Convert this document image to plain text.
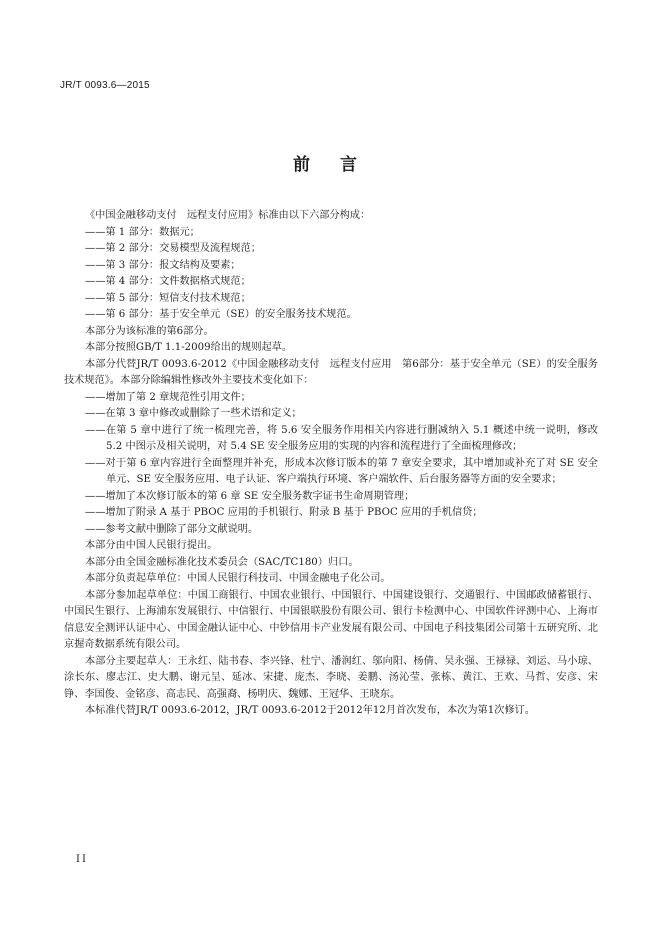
JR/T 0093.6—2015
前 言

《中国金融移动支付　远程支付应用》标准由以下六部分构成：

——第 1 部分：数据元；

——第 2 部分：交易模型及流程规范；

——第 3 部分：报文结构及要素；

——第 4 部分：文件数据格式规范；

——第 5 部分：短信支付技术规范；

——第 6 部分：基于安全单元（SE）的安全服务技术规范。

本部分为该标准的第6部分。

本部分按照GB/T 1.1-2009给出的规则起草。

本部分代替JR/T 0093.6-2012《中国金融移动支付　远程支付应用　第6部分：基于安全单元（SE）的安全服务技术规范》。本部分除编辑性修改外主要技术变化如下：

——增加了第 2 章规范性引用文件；

——在第 3 章中修改或删除了一些术语和定义；

——在第 5 章中进行了统一梳理完善，将 5.6 安全服务作用相关内容进行删减纳入 5.1 概述中统一说明，修改 5.2 中图示及相关说明，对 5.4 SE 安全服务应用的实现的内容和流程进行了全面梳理修改；

——对于第 6 章内容进行全面整理并补充，形成本次修订版本的第 7 章安全要求，其中增加或补充了对 SE 安全单元、SE 安全服务应用、电子认证、客户端执行环境、客户端软件、后台服务器等方面的安全要求；

——增加了本次修订版本的第 6 章 SE 安全服务数字证书生命周期管理；

——增加了附录 A 基于 PBOC 应用的手机银行、附录 B 基于 PBOC 应用的手机信贷；

——参考文献中删除了部分文献说明。

本部分由中国人民银行提出。

本部分由全国金融标准化技术委员会（SAC/TC180）归口。

本部分负责起草单位：中国人民银行科技司、中国金融电子化公司。

本部分参加起草单位：中国工商银行、中国农业银行、中国银行、中国建设银行、交通银行、中国邮政储蓄银行、中国民生银行、上海浦东发展银行、中信银行、中国银联股份有限公司、银行卡检测中心、中国软件评测中心、上海市信息安全测评认证中心、中国金融认证中心、中钞信用卡产业发展有限公司、中国电子科技集团公司第十五研究所、北京握奇数据系统有限公司。

本部分主要起草人：王永红、陆书春、李兴锋、杜宁、潘润红、邬向阳、杨倩、吴永强、王禄禄、刘运、马小琼、涂长东、廖志江、史大鹏、谢元呈、延冰、宋捷、庞杰、李晓、姜鹏、汤沁莹、张栋、黄江、王欢、马哲、安彦、宋铮、李国俊、金铭彦、高志民、高强裔、杨明庆、魏娜、王冠华、王晓东。

本标准代替JR/T 0093.6-2012，JR/T 0093.6-2012于2012年12月首次发布，本次为第1次修订。

II
